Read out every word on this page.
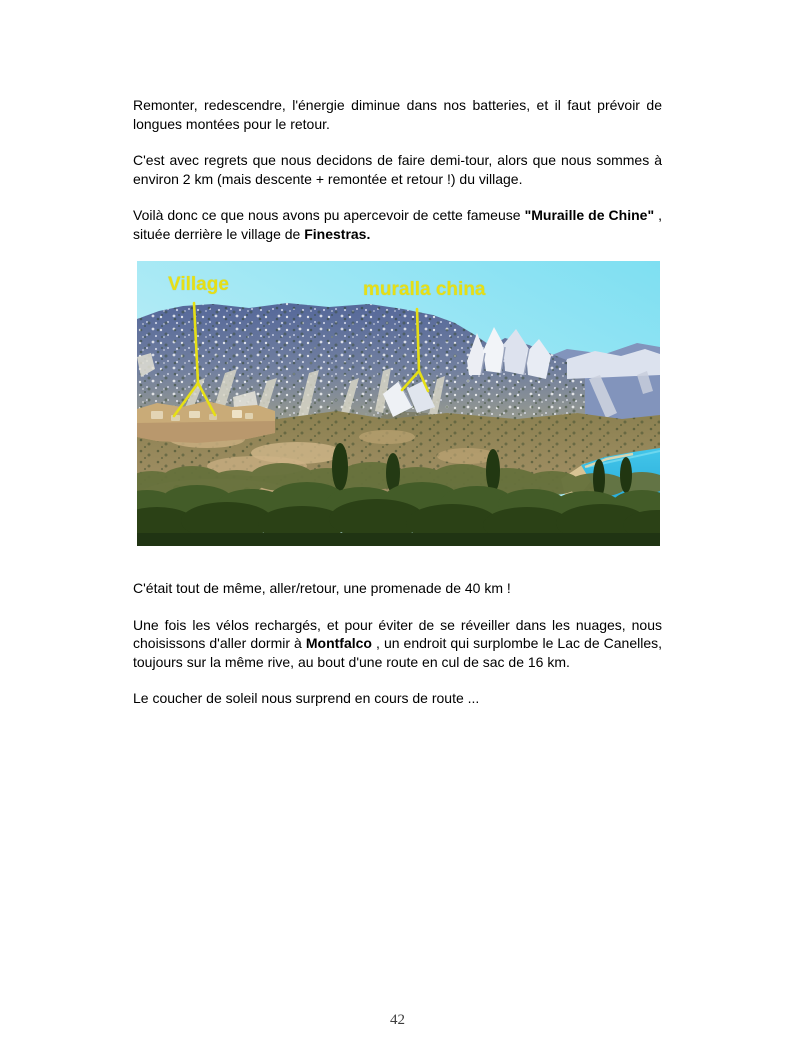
Remonter, redescendre, l'énergie diminue dans nos batteries, et il faut prévoir de longues montées pour le retour.

C'est avec regrets que nous decidons de faire demi-tour, alors que nous sommes à environ 2 km (mais descente + remontée et retour !) du village.

Voilà donc ce que nous avons pu apercevoir de cette fameuse "Muraille de Chine" , située derrière le village de Finestras.

Village	muralla china

C'était tout de même, aller/retour, une promenade de 40 km !

Une fois les vélos rechargés, et pour éviter de se réveiller dans les nuages, nous choisissons d'aller dormir à Montfalco , un endroit qui surplombe le Lac de Canelles, toujours sur la même rive, au bout d'une route en cul de sac de 16 km.

Le coucher de soleil nous surprend en cours de route ...

42
